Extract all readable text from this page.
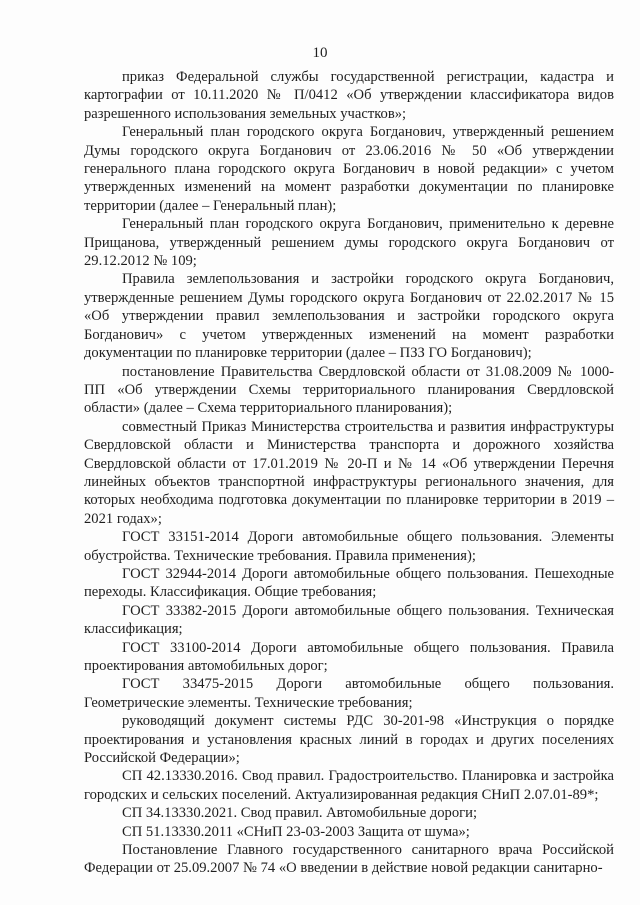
10

приказ Федеральной службы государственной регистрации, кадастра и картографии от 10.11.2020 № П/0412 «Об утверждении классификатора видов разрешенного использования земельных участков»;

Генеральный план городского округа Богданович, утвержденный решением Думы городского округа Богданович от 23.06.2016 № 50 «Об утверждении генерального плана городского округа Богданович в новой редакции» с учетом утвержденных изменений на момент разработки документации по планировке территории (далее – Генеральный план);

Генеральный план городского округа Богданович, применительно к деревне Прищанова, утвержденный решением думы городского округа Богданович от 29.12.2012 № 109;

Правила землепользования и застройки городского округа Богданович, утвержденные решением Думы городского округа Богданович от 22.02.2017 № 15 «Об утверждении правил землепользования и застройки городского округа Богданович» с учетом утвержденных изменений на момент разработки документации по планировке территории (далее – ПЗЗ ГО Богданович);

постановление Правительства Свердловской области от 31.08.2009 № 1000-ПП «Об утверждении Схемы территориального планирования Свердловской области» (далее – Схема территориального планирования);

совместный Приказ Министерства строительства и развития инфраструктуры Свердловской области и Министерства транспорта и дорожного хозяйства Свердловской области от 17.01.2019 № 20-П и № 14 «Об утверждении Перечня линейных объектов транспортной инфраструктуры регионального значения, для которых необходима подготовка документации по планировке территории в 2019 – 2021 годах»;

ГОСТ 33151-2014 Дороги автомобильные общего пользования. Элементы обустройства. Технические требования. Правила применения);

ГОСТ 32944-2014 Дороги автомобильные общего пользования. Пешеходные переходы. Классификация. Общие требования;

ГОСТ 33382-2015 Дороги автомобильные общего пользования. Техническая классификация;

ГОСТ 33100-2014 Дороги автомобильные общего пользования. Правила проектирования автомобильных дорог;

ГОСТ 33475-2015 Дороги автомобильные общего пользования. Геометрические элементы. Технические требования;

руководящий документ системы РДС 30-201-98 «Инструкция о порядке проектирования и установления красных линий в городах и других поселениях Российской Федерации»;

СП 42.13330.2016. Свод правил. Градостроительство. Планировка и застройка городских и сельских поселений. Актуализированная редакция СНиП 2.07.01-89*;

СП 34.13330.2021. Свод правил. Автомобильные дороги;

СП 51.13330.2011 «СНиП 23-03-2003 Защита от шума»;

Постановление Главного государственного санитарного врача Российской Федерации от 25.09.2007 № 74 «О введении в действие новой редакции санитарно-
